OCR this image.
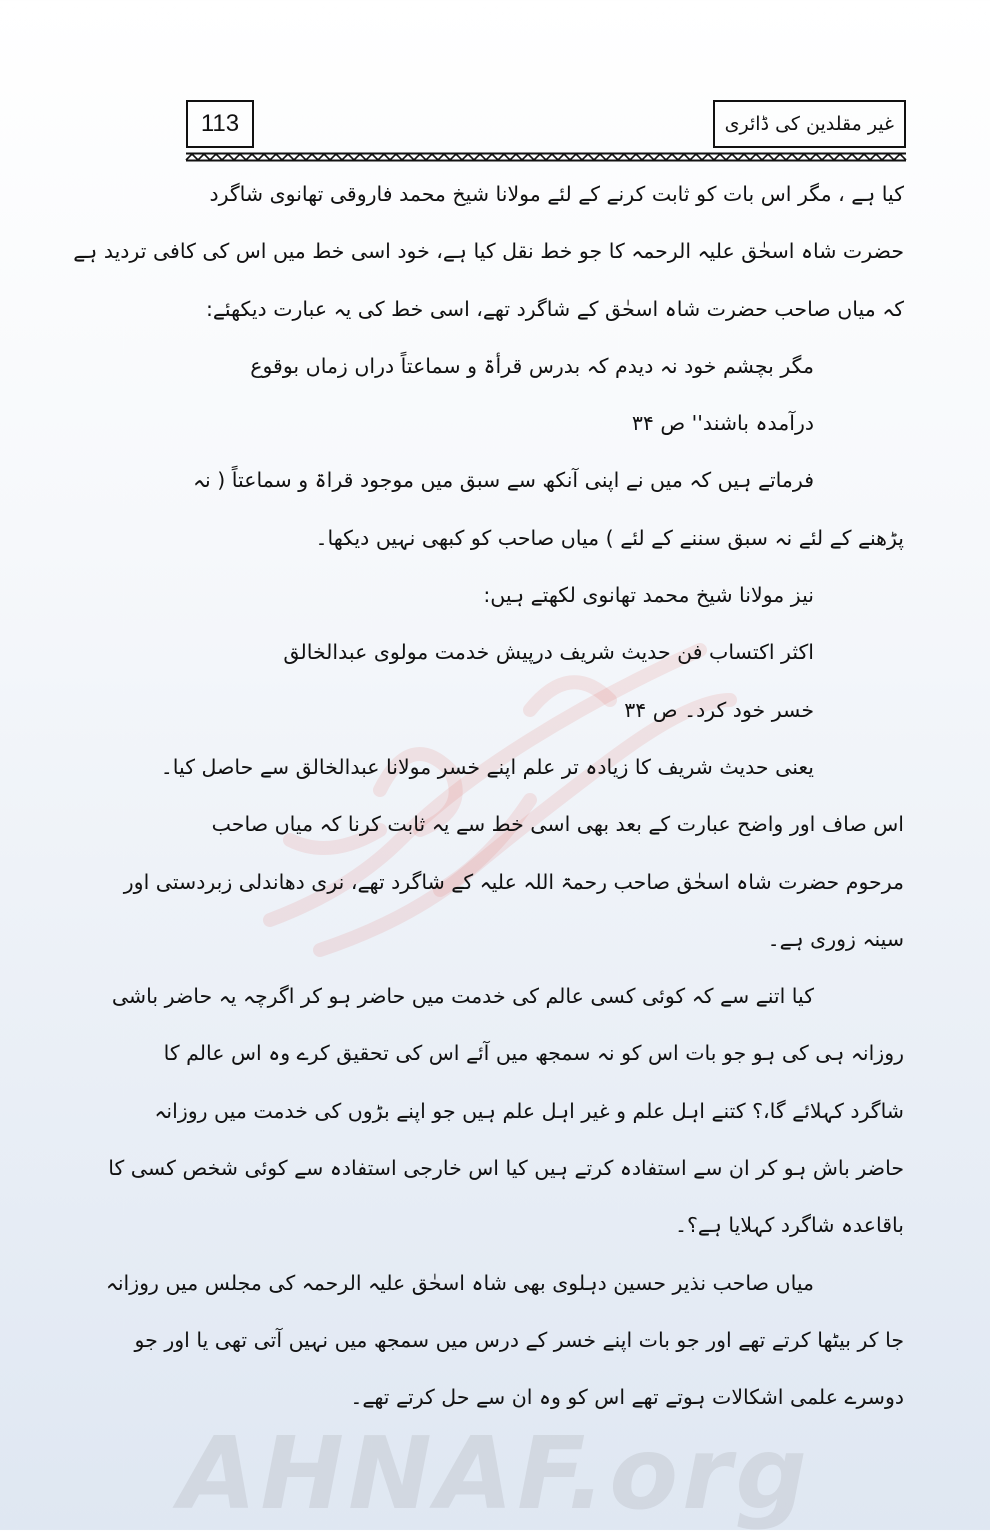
AHNAF.org
113	غیر مقلدین کی ڈائری
کیا ہے ، مگر اس بات کو ثابت کرنے کے لئے مولانا شیخ محمد فاروقی تھانوی شاگرد
حضرت شاہ اسحٰق علیہ الرحمہ کا جو خط نقل کیا ہے، خود اسی خط میں اس کی کافی تردید ہے
کہ میاں صاحب حضرت شاہ اسحٰق کے شاگرد تھے، اسی خط کی یہ عبارت دیکھئے:
مگر بچشم خود نہ دیدم کہ بدرس قرأۃ و سماعتاً دراں زماں بوقوع
درآمدہ باشند'' ص ۳۴
فرماتے ہیں کہ میں نے اپنی آنکھ سے سبق میں موجود قراۃ و سماعتاً ( نہ
پڑھنے کے لئے نہ سبق سننے کے لئے ) میاں صاحب کو کبھی نہیں دیکھا۔
نیز مولانا شیخ محمد تھانوی لکھتے ہیں:
اکثر اکتساب فن حدیث شریف درپیش خدمت مولوی عبدالخالق
خسر خود کرد۔ ص ۳۴
یعنی حدیث شریف کا زیادہ تر علم اپنے خسر مولانا عبدالخالق سے حاصل کیا۔
اس صاف اور واضح عبارت کے بعد بھی اسی خط سے یہ ثابت کرنا کہ میاں صاحب
مرحوم حضرت شاہ اسحٰق صاحب رحمۃ اللہ علیہ کے شاگرد تھے، نری دھاندلی زبردستی اور
سینہ زوری ہے۔
کیا اتنے سے کہ کوئی کسی عالم کی خدمت میں حاضر ہو کر اگرچہ یہ حاضر باشی
روزانہ ہی کی ہو جو بات اس کو نہ سمجھ میں آئے اس کی تحقیق کرے وہ اس عالم کا
شاگرد کہلائے گا،؟ کتنے اہل علم و غیر اہل علم ہیں جو اپنے بڑوں کی خدمت میں روزانہ
حاضر باش ہو کر ان سے استفادہ کرتے ہیں کیا اس خارجی استفادہ سے کوئی شخص کسی کا
باقاعدہ شاگرد کہلایا ہے؟۔
میاں صاحب نذیر حسین دہلوی بھی شاہ اسحٰق علیہ الرحمہ کی مجلس میں روزانہ
جا کر بیٹھا کرتے تھے اور جو بات اپنے خسر کے درس میں سمجھ میں نہیں آتی تھی یا اور جو
دوسرے علمی اشکالات ہوتے تھے اس کو وہ ان سے حل کرتے تھے۔
